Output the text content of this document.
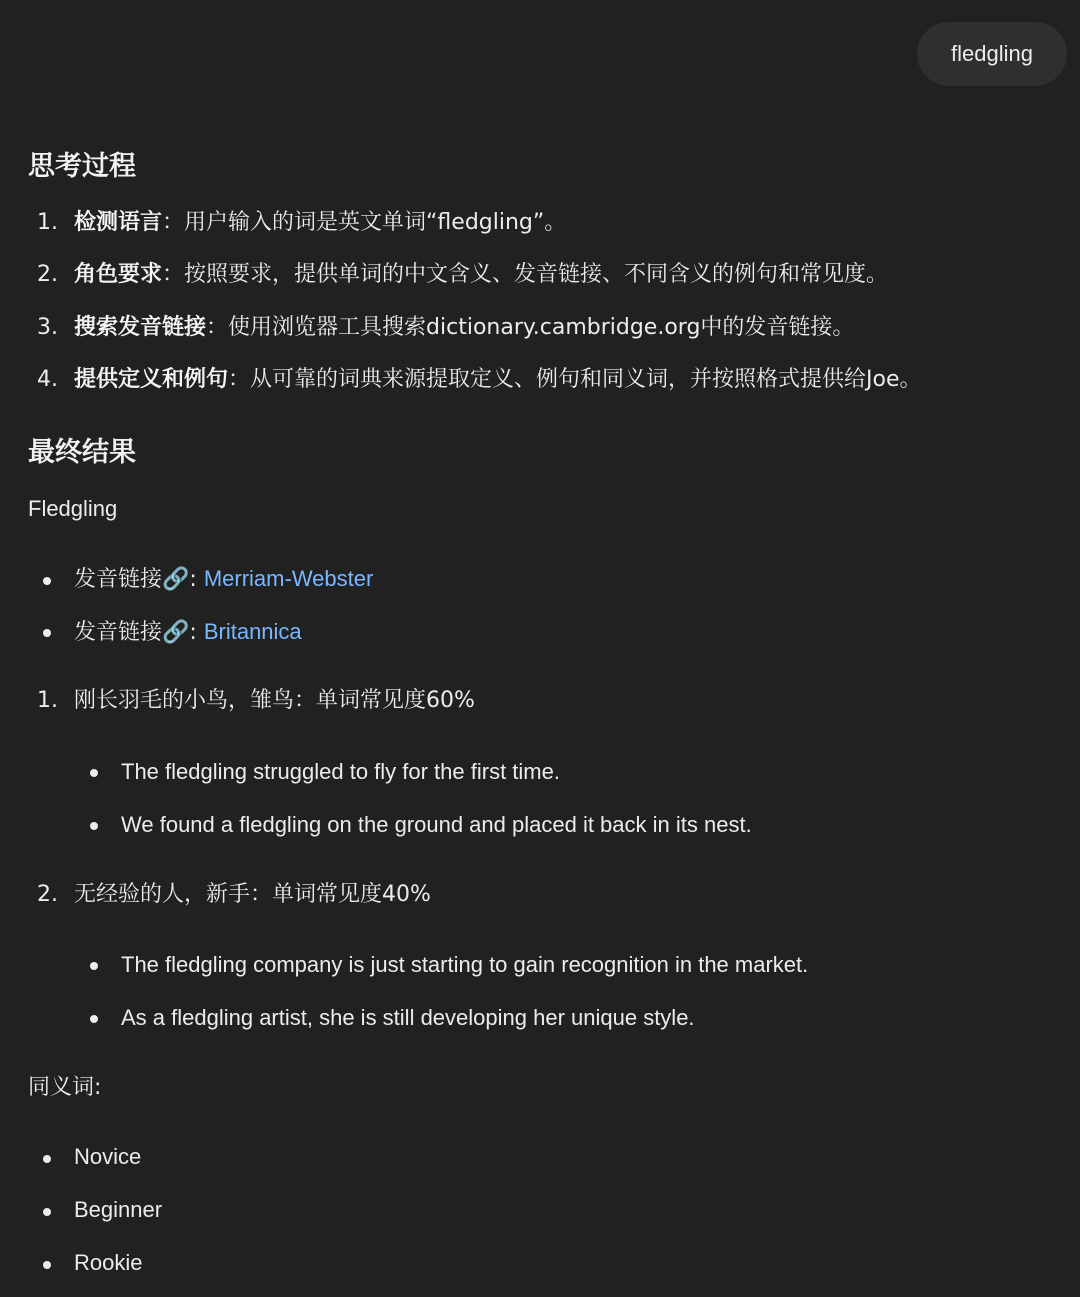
fledgling
思考过程
1. 检测语言：用户输入的词是英文单词“fledgling”。
2. 角色要求：按照要求，提供单词的中文含义、发音链接、不同含义的例句和常见度。
3. 搜索发音链接：使用浏览器工具搜索dictionary.cambridge.org中的发音链接。
4. 提供定义和例句：从可靠的词典来源提取定义、例句和同义词，并按照格式提供给Joe。
最终结果
Fledgling
发音链接🔗: Merriam-Webster
发音链接🔗: Britannica
1. 刚长羽毛的小鸟，雏鸟：单词常见度60%
The fledgling struggled to fly for the first time.
We found a fledgling on the ground and placed it back in its nest.
2. 无经验的人，新手：单词常见度40%
The fledgling company is just starting to gain recognition in the market.
As a fledgling artist, she is still developing her unique style.
同义词:
Novice
Beginner
Rookie
